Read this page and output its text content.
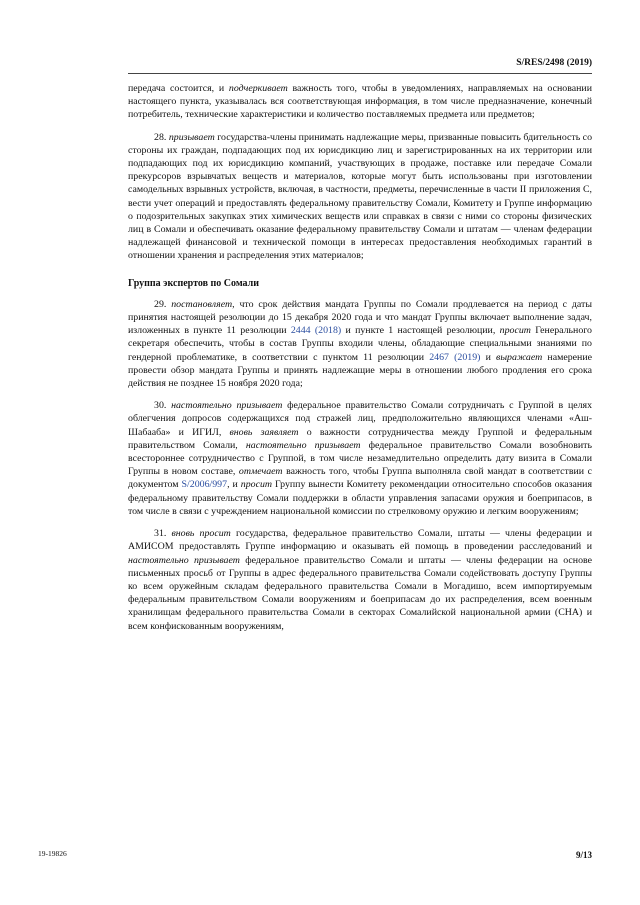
S/RES/2498 (2019)

передача состоится, и подчеркивает важность того, чтобы в уведомлениях, направляемых на основании настоящего пункта, указывалась вся соответствующая информация, в том числе предназначение, конечный потребитель, технические характеристики и количество поставляемых предмета или предметов;

28. призывает государства-члены принимать надлежащие меры, призванные повысить бдительность со стороны их граждан, подпадающих под их юрисдикцию лиц и зарегистрированных на их территории или подпадающих под их юрисдикцию компаний, участвующих в продаже, поставке или передаче Сомали прекурсоров взрывчатых веществ и материалов, которые могут быть использованы при изготовлении самодельных взрывных устройств, включая, в частности, предметы, перечисленные в части II приложения C, вести учет операций и предоставлять федеральному правительству Сомали, Комитету и Группе информацию о подозрительных закупках этих химических веществ или справках в связи с ними со стороны физических лиц в Сомали и обеспечивать оказание федеральному правительству Сомали и штатам — членам федерации надлежащей финансовой и технической помощи в интересах предоставления необходимых гарантий в отношении хранения и распределения этих материалов;

Группа экспертов по Сомали

29. постановляет, что срок действия мандата Группы по Сомали продлевается на период с даты принятия настоящей резолюции до 15 декабря 2020 года и что мандат Группы включает выполнение задач, изложенных в пункте 11 резолюции 2444 (2018) и пункте 1 настоящей резолюции, просит Генерального секретаря обеспечить, чтобы в состав Группы входили члены, обладающие специальными знаниями по гендерной проблематике, в соответствии с пунктом 11 резолюции 2467 (2019) и выражает намерение провести обзор мандата Группы и принять надлежащие меры в отношении любого продления его срока действия не позднее 15 ноября 2020 года;

30. настоятельно призывает федеральное правительство Сомали сотрудничать с Группой в целях облегчения допросов содержащихся под стражей лиц, предположительно являющихся членами «Аш-Шабааба» и ИГИЛ, вновь заявляет о важности сотрудничества между Группой и федеральным правительством Сомали, настоятельно призывает федеральное правительство Сомали возобновить всестороннее сотрудничество с Группой, в том числе незамедлительно определить дату визита в Сомали Группы в новом составе, отмечает важность того, чтобы Группа выполняла свой мандат в соответствии с документом S/2006/997, и просит Группу вынести Комитету рекомендации относительно способов оказания федеральному правительству Сомали поддержки в области управления запасами оружия и боеприпасов, в том числе в связи с учреждением национальной комиссии по стрелковому оружию и легким вооружениям;

31. вновь просит государства, федеральное правительство Сомали, штаты — члены федерации и АМИСОМ предоставлять Группе информацию и оказывать ей помощь в проведении расследований и настоятельно призывает федеральное правительство Сомали и штаты — члены федерации на основе письменных просьб от Группы в адрес федерального правительства Сомали содействовать доступу Группы ко всем оружейным складам федерального правительства Сомали в Могадишо, всем импортируемым федеральным правительством Сомали вооружениям и боеприпасам до их распределения, всем военным хранилищам федерального правительства Сомали в секторах Сомалийской национальной армии (СНА) и всем конфискованным вооружениям,

19-19826	9/13
